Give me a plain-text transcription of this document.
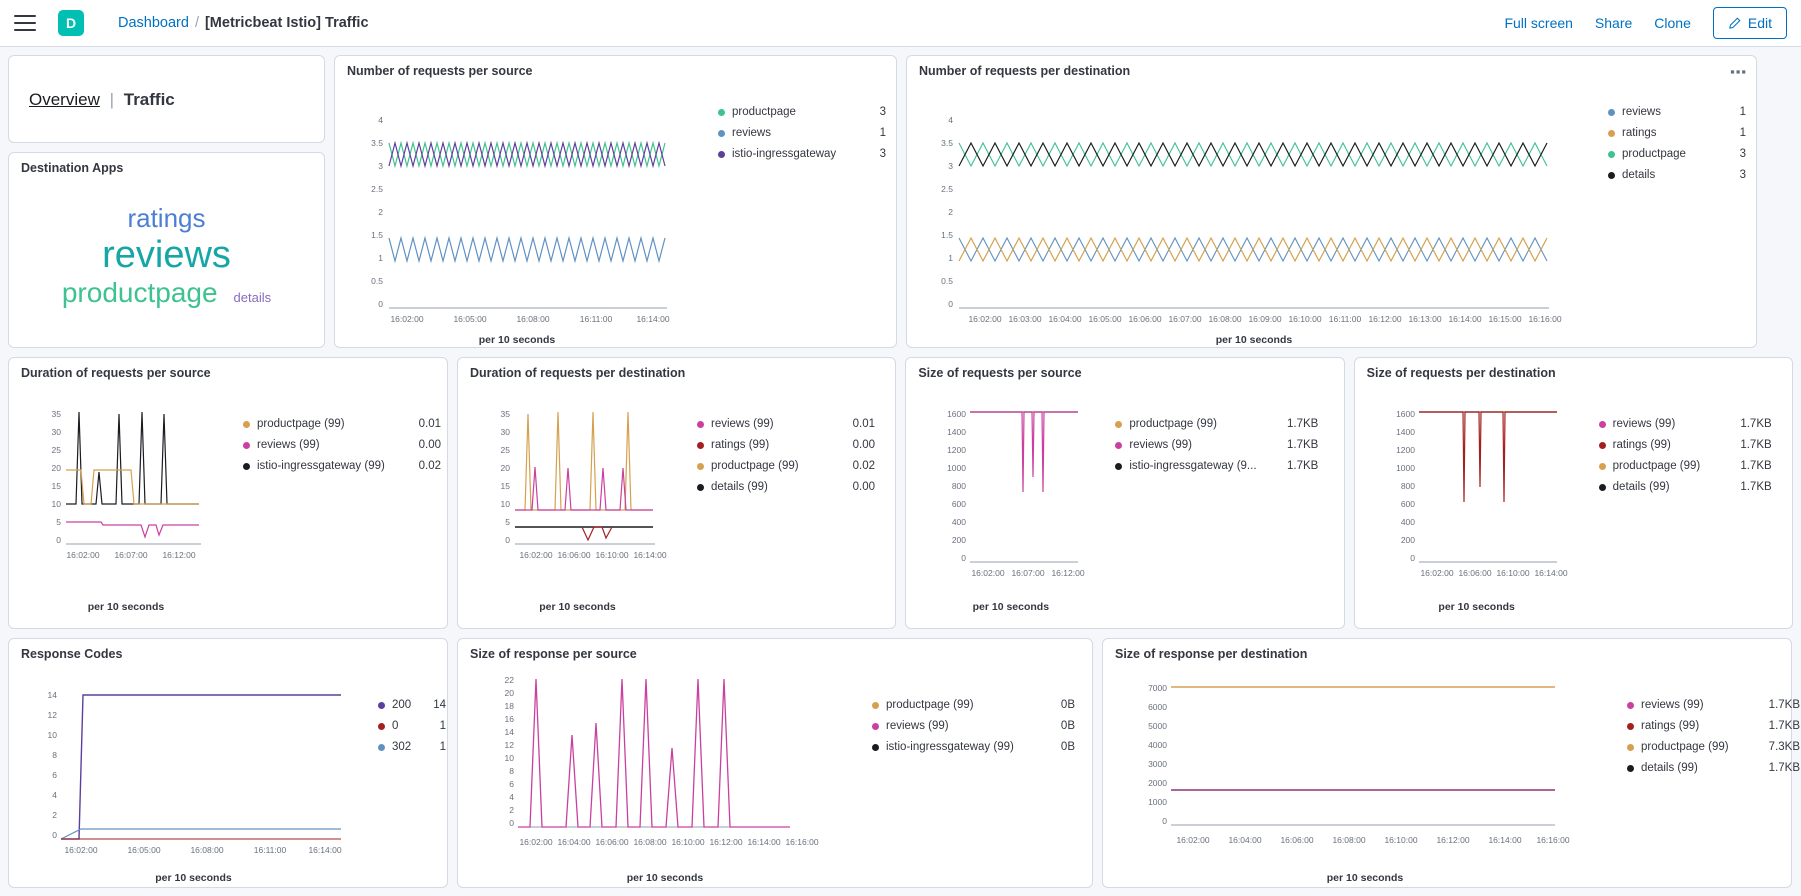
D	Dashboard / [Metricbeat Istio] Traffic	Full screen Share Clone	Edit
Overview | Traffic
Destination Apps
ratings
reviews
productpage details
Number of requests per source
4
3.5
3
2.5
2
1.5
1
0.5
0
16:02:00	16:05:00	16:08:00	16:11:00	16:14:00
per 10 seconds
productpage	3
reviews	1
istio-ingressgateway	3
Number of requests per destination	▪▪▪
4
3.5
3
2.5
2
1.5
1
0.5
0
16:02:00 16:03:00 16:04:00 16:05:00 16:06:00 16:07:00 16:08:00 16:09:00 16:10:00 16:11:00 16:12:00 16:13:00 16:14:00 16:15:00 16:16:00
per 10 seconds
reviews	1
ratings	1
productpage	3
details	3
Duration of requests per source
35
30
25
20
15
10
5
0
16:02:00 16:07:00 16:12:00
per 10 seconds
productpage (99)	0.01
reviews (99)	0.00
istio-ingressgateway (99)	0.02
Duration of requests per destination
35
30
25
20
15
10
5
0
16:02:00 16:06:00 16:10:00 16:14:00
per 10 seconds
reviews (99)	0.01
ratings (99)	0.00
productpage (99)	0.02
details (99)	0.00
Size of requests per source
1600
1400
1200
1000
800
600
400
200
0
16:02:00 16:07:00 16:12:00
per 10 seconds
productpage (99)	1.7KB
reviews (99)	1.7KB
istio-ingressgateway (9...	1.7KB
Size of requests per destination
1600
1400
1200
1000
800
600
400
200
0
16:02:00 16:06:00 16:10:00 16:14:00
per 10 seconds
reviews (99)	1.7KB
ratings (99)	1.7KB
productpage (99)	1.7KB
details (99)	1.7KB
Response Codes
14
12
10
8
6
4
2
0
16:02:00	16:05:00	16:08:00	16:11:00	16:14:00
per 10 seconds
200	14
0	1
302	1
Size of response per source
22
20
18
16
14
12
10
8
6
4
2
0
16:02:00 16:04:00 16:06:00 16:08:00 16:10:00 16:12:00 16:14:00 16:16:00
per 10 seconds
productpage (99)	0B
reviews (99)	0B
istio-ingressgateway (99)	0B
Size of response per destination
7000
6000
5000
4000
3000
2000
1000
0
16:02:00 16:04:00 16:06:00 16:08:00 16:10:00 16:12:00 16:14:00 16:16:00
per 10 seconds
reviews (99)	1.7KB
ratings (99)	1.7KB
productpage (99)	7.3KB
details (99)	1.7KB
